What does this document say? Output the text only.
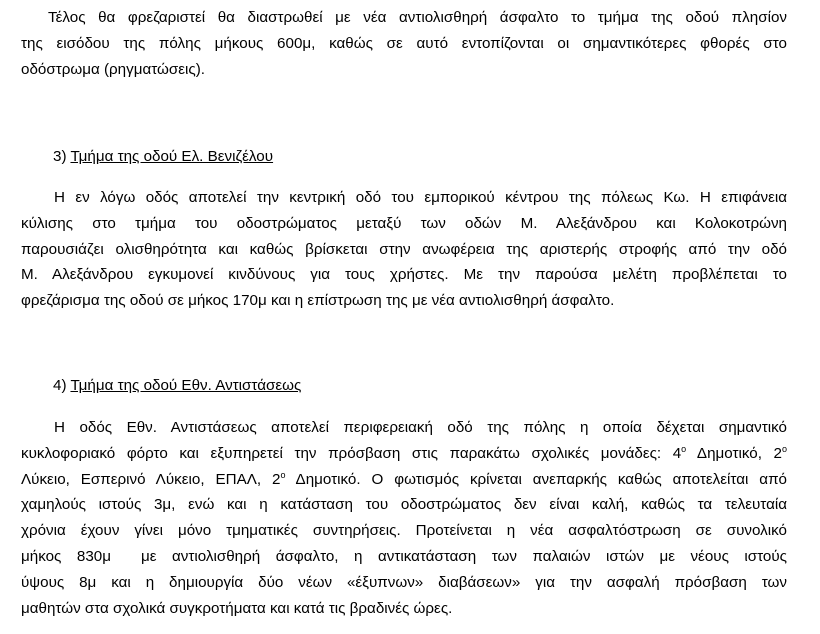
Τέλος θα φρεζαριστεί θα διαστρωθεί με νέα αντιολισθηρή άσφαλτο το τμήμα της οδού πλησίον
της εισόδου της πόλης μήκους 600μ, καθώς σε αυτό εντοπίζονται οι σημαντικότερες φθορές στο
οδόστρωμα (ρηγματώσεις).
3) Τμήμα της οδού Ελ. Βενιζέλου
Η εν λόγω οδός αποτελεί την κεντρική οδό του εμπορικού κέντρου της πόλεως Κω. Η επιφάνεια
κύλισης στο τμήμα του οδοστρώματος μεταξύ των οδών Μ. Αλεξάνδρου και Κολοκοτρώνη
παρουσιάζει ολισθηρότητα και καθώς βρίσκεται στην ανωφέρεια της αριστερής στροφής από την οδό
Μ. Αλεξάνδρου εγκυμονεί κινδύνους για τους χρήστες. Με την παρούσα μελέτη προβλέπεται το
φρεζάρισμα της οδού σε μήκος 170μ και η επίστρωση της με νέα αντιολισθηρή άσφαλτο.
4) Τμήμα της οδού Εθν. Αντιστάσεως
Η οδός Εθν. Αντιστάσεως αποτελεί περιφερειακή οδό της πόλης η οποία δέχεται σημαντικό
κυκλοφοριακό φόρτο και εξυπηρετεί την πρόσβαση στις παρακάτω σχολικές μονάδες: $4^o$ Δημοτικό, $2^o$
Λύκειο, Εσπερινό Λύκειο, ΕΠΑΛ, $2^o$ Δημοτικό. Ο φωτισμός κρίνεται ανεπαρκής καθώς αποτελείται από
χαμηλούς ιστούς 3μ, ενώ και η κατάσταση του οδοστρώματος δεν είναι καλή, καθώς τα τελευταία
χρόνια έχουν γίνει μόνο τμηματικές συντηρήσεις. Προτείνεται η νέα ασφαλτόστρωση σε συνολικό
μήκος 830μ με αντιολισθηρή άσφαλτο, η αντικατάσταση των παλαιών ιστών με νέους ιστούς
ύψους 8μ και η δημιουργία δύο νέων «έξυπνων» διαβάσεων» για την ασφαλή πρόσβαση των
μαθητών στα σχολικά συγκροτήματα και κατά τις βραδινές ώρες.
